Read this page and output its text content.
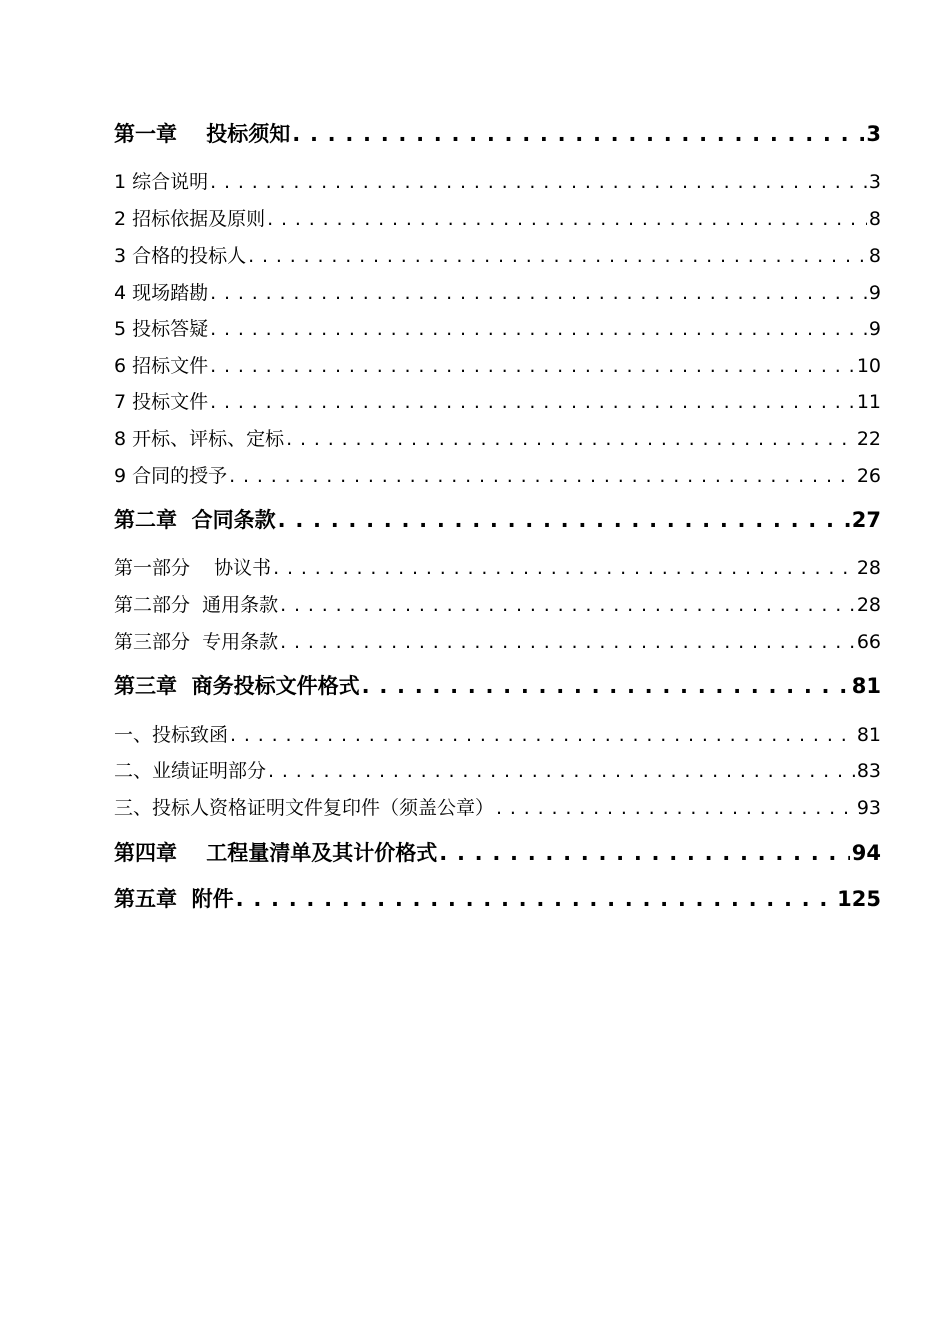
第一章    投标须知 . . .	3
1 综合说明 . . .	3
2 招标依据及原则 . . .	8
3 合格的投标人 . . .	8
4 现场踏勘 . . .	9
5 投标答疑 . . .	9
6 招标文件 . . .	10
7 投标文件 . . .	11
8 开标、评标、定标 . . .	22
9 合同的授予 . . .	26
第二章  合同条款 . . .	27
第一部分    协议书 . . .	28
第二部分  通用条款 . . .	28
第三部分  专用条款 . . .	66
第三章  商务投标文件格式 . . .	81
一、投标致函 . . .	81
二、业绩证明部分 . . .	83
三、投标人资格证明文件复印件（须盖公章） . . .	93
第四章    工程量清单及其计价格式 . . .	94
第五章  附件 . . .	125
